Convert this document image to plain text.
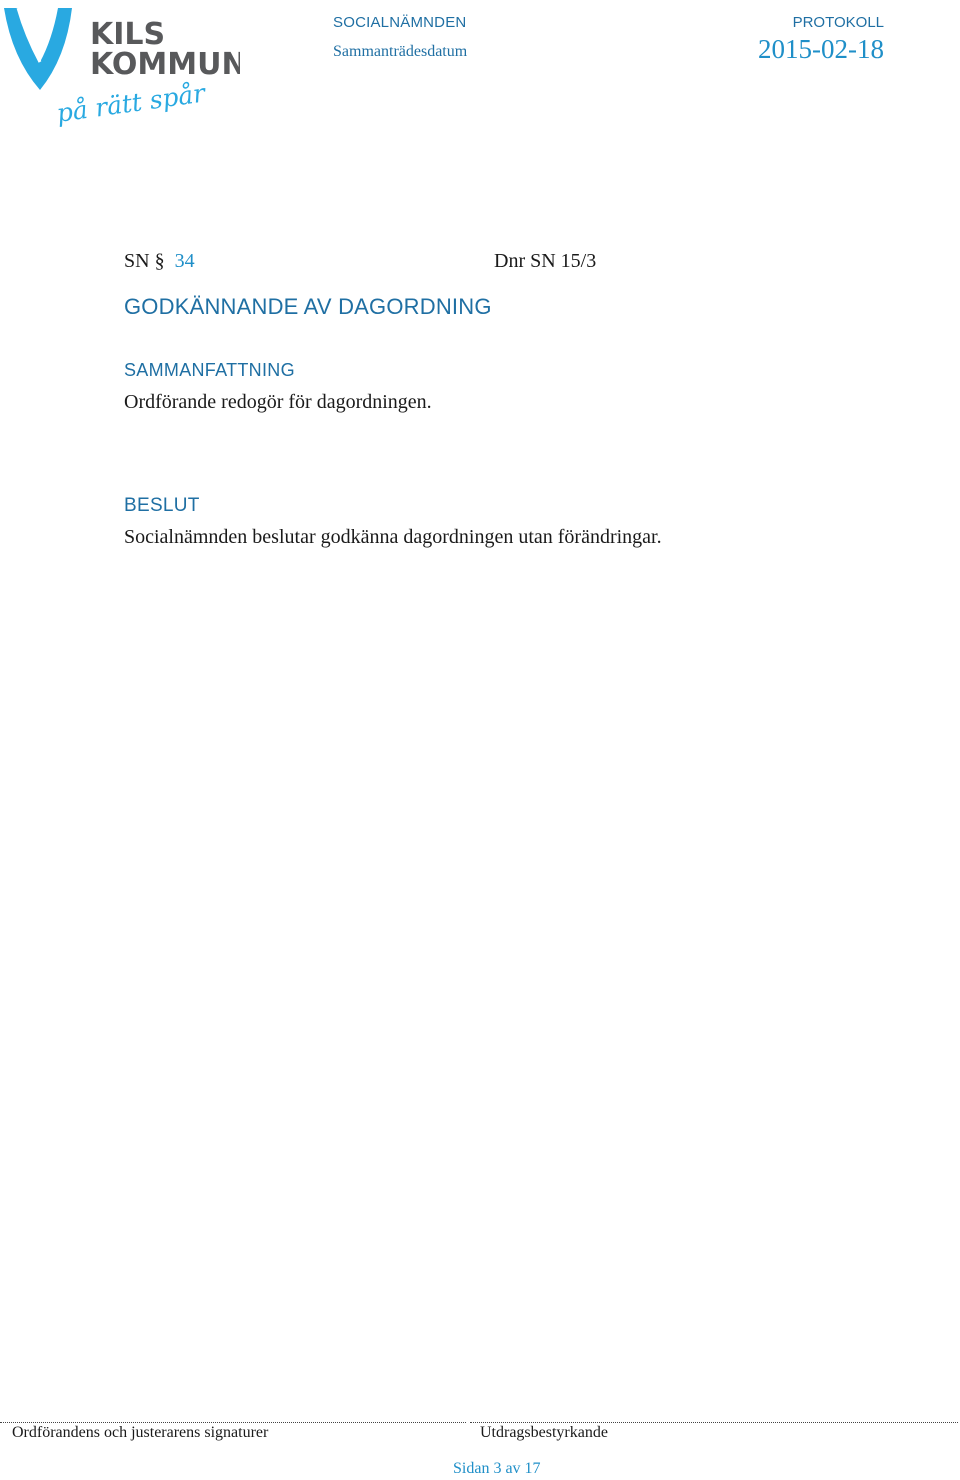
KILS
KOMMUN
på rätt spår
SOCIALNÄMNDEN
Sammanträdesdatum
PROTOKOLL
2015-02-18
SN § 34	Dnr SN 15/3
GODKÄNNANDE AV DAGORDNING
SAMMANFATTNING
Ordförande redogör för dagordningen.
BESLUT
Socialnämnden beslutar godkänna dagordningen utan förändringar.
Ordförandens och justerarens signaturer	Utdragsbestyrkande
Sidan 3 av 17
